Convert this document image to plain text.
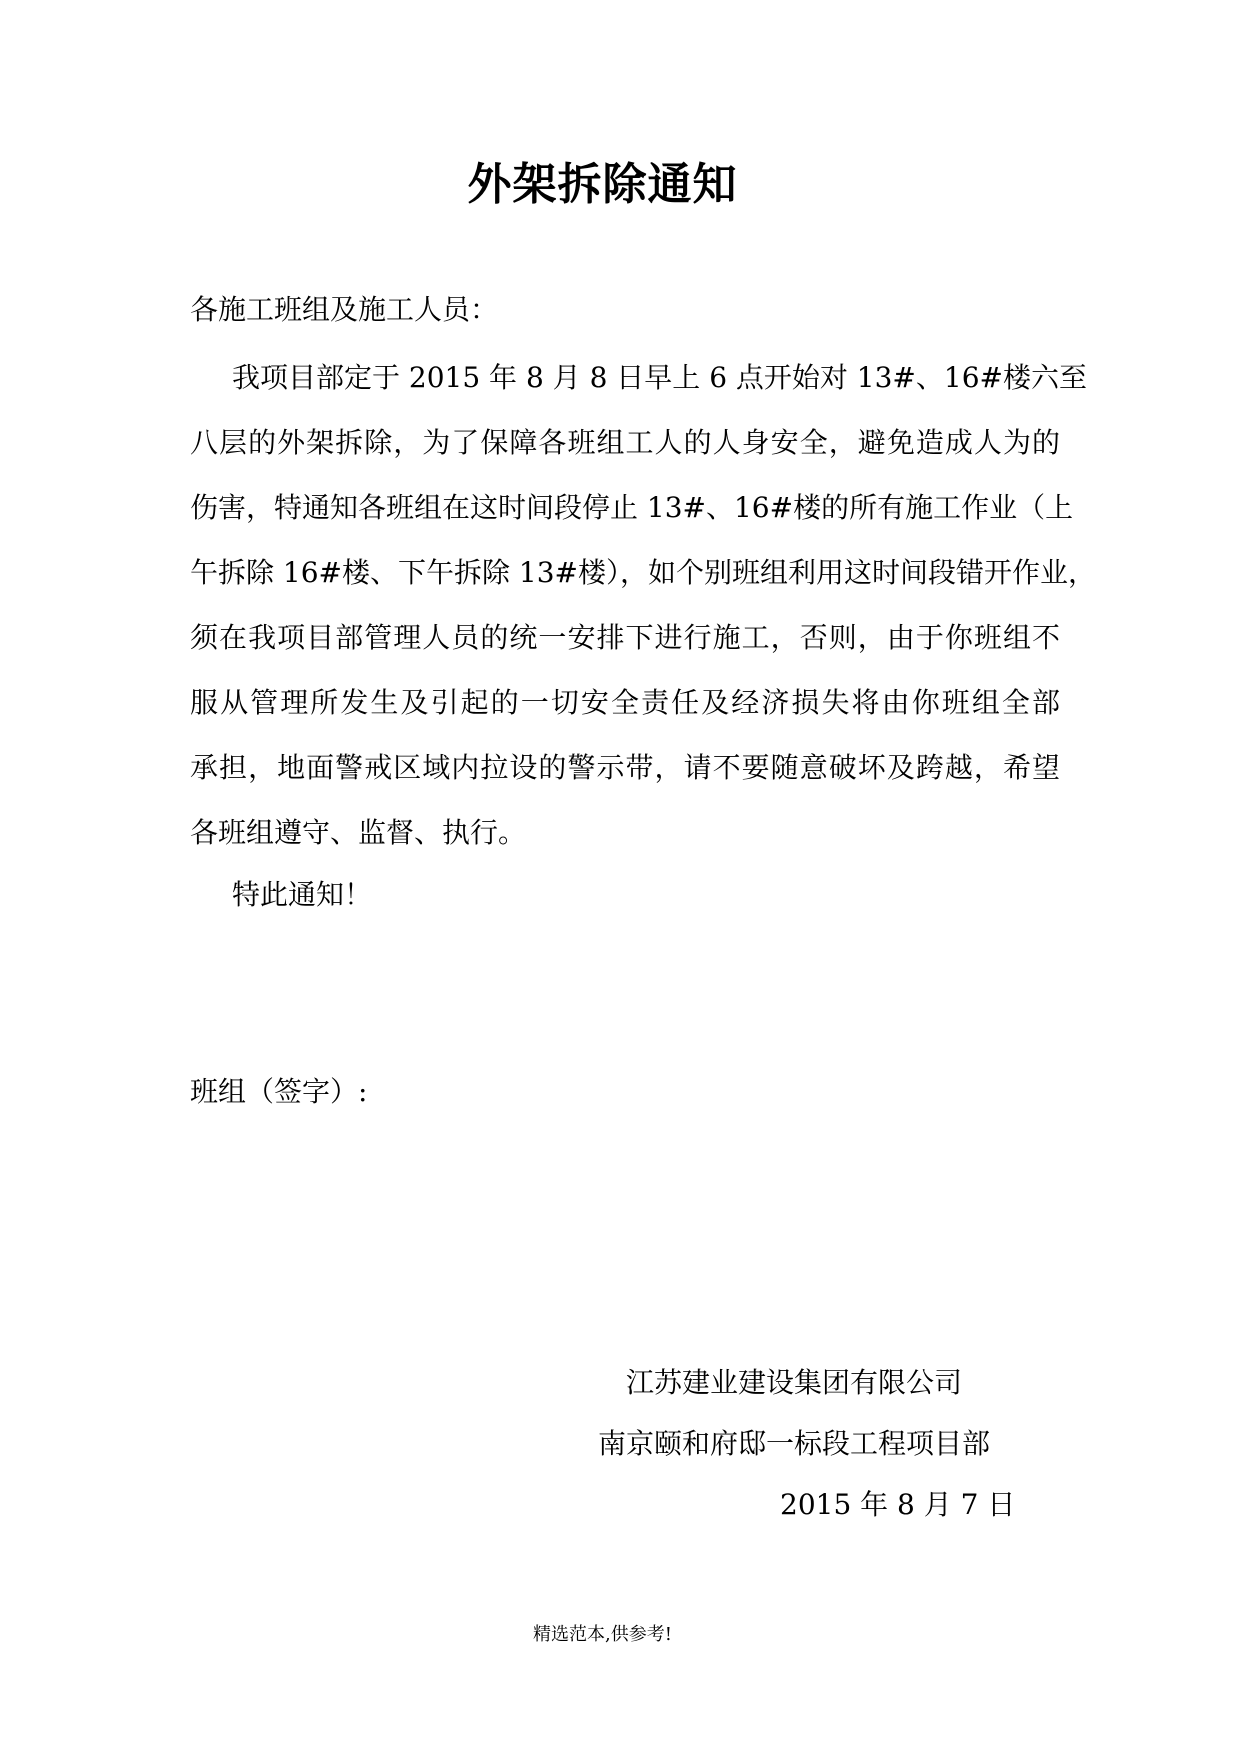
外架拆除通知
各施工班组及施工人员：
我项目部定于 2015 年 8 月 8 日早上 6 点开始对 13#、16#楼六至
八层的外架拆除，为了保障各班组工人的人身安全，避免造成人为的
伤害，特通知各班组在这时间段停止 13#、16#楼的所有施工作业（上
午拆除 16#楼、下午拆除 13#楼），如个别班组利用这时间段错开作业，
须在我项目部管理人员的统一安排下进行施工，否则，由于你班组不
服从管理所发生及引起的一切安全责任及经济损失将由你班组全部
承担，地面警戒区域内拉设的警示带，请不要随意破坏及跨越，希望
各班组遵守、监督、执行。
特此通知！
班组（签字）:
江苏建业建设集团有限公司
南京颐和府邸一标段工程项目部
2015 年 8 月 7 日
精选范本,供参考!
